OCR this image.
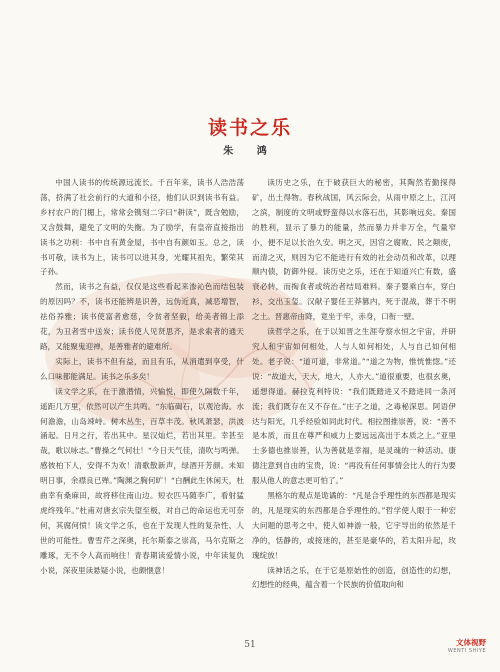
读书之乐
朱 鸿

中国人读书的传统源远流长。千百年来，读书人浩浩荡荡，挤满了社会前行的大道和小径，他们认识到读书有益。乡村农户的门楣上，常常会镌刻二字曰“耕读”，既含勉励，又含鼓舞，避免了文明的失衡。为了励学，有皇帝直接指出读书之功利：书中自有黄金屋，书中自有颜如玉。总之，读书可敬，读书为上，读书可以进其身，光耀其祖先，繁荣其子孙。

然而，读书之有益，仅仅是这些看起来渗沁色而结包装的原因吗？不，读书还能辨是识善，远伪近真，减恶增智，祛俗养雅；读书使富者愈慈，令贫者坚毅，给美者锦上添花，为丑者雪中送炭；读书使人见贤思齐，是求索者的通天路，又能聚鬼迎禅，是善雅者的避难所。

实际上，读书不但有益，而且有乐，从消遣到享受，什么口味都能满足。读书之乐多矣！

读文学之乐，在于激潜情，兴愉悦，即使久隔数千年，遥距几万里，依然可以产生共鸣。“东临碣石，以观沧海。水何澹澹，山岛竦峙。树木丛生，百草丰茂。秋风萧瑟，洪波涌起。日月之行，若出其中。星汉灿烂，若出其里。幸甚至哉，歌以咏志。”曹操之气何壮！“今日天气佳，清吹与鸣弹。感彼柏下人，安得不为欢！清歌散新声，绿酒开芳颜。未知明日事，余襟良已殚。”陶渊之胸何旷！“白酬此生休闲天，杜曲幸有桑麻田，故将移住南山边。短衣匹马随李广，看射猛虎终残年。”杜甫对唐玄宗失望至极，对自己的命运也无可奈何，其腐何愤！读文学之乐，也在于发现人性的复杂性、人世的可能性。曹雪芹之深奥，托尔斯泰之崇高，马尔克斯之雕琢，无不令人高而响往！青春期读爱情小说，中年读复仇小说，深夜里读悬疑小说，也颇惬意！

读历史之乐，在于破获巨大的秘密，其陶然若勤探得矿，出土得物。春秋战国，风云际会，从雨中原之上，江河之滨，制度的文明或野蛮得以水落石出，其影响远矣。秦国的胜利，显示了暴力的能量，然而暴力并非万全，气量窄小，便不足以长治久安。明之灭，因官之腐败、民之颠废，而清之灭，则因为它不能进行有效的社会动员和改革，以理顺内债，防御外侵。读历史之乐，还在于知道兴亡有数，盛衰必转，而掏食者或统治者结局难料。秦子婴乘白车，穿白衫，交出玉玺。汉献子婴任王莽篡内，死于混战，葬于不明之土。晋惠帝由降，竟坐于牢，赤身，口衔一壁。

读哲学之乐，在于以知晋之生涯夸察水恒之宇宙，并研究人和宇宙如何相处，人与人如何相处，人与自己如何相处。老子说：“道可道，非常道。”“道之为物，惟恍惟惚。”还说：“故道大，天大，地大，人亦大。”道很重要，也很玄奥，遥想得道。赫拉克利特说：“我们既踏进又不踏进同一条河流；我们既存在又不存在。”庄子之道，之毒秘深思。阿语伊达与阳光，几乎经验如同此时代。相拉图推崇善，说：“善不是本质，而且在尊严和威力上要远远高出于本质之上。”亚里士多德也推崇善，认为善就是幸福，是灵魂的一种活动。康德注意到自由的宝贵，说：“再没有任何事情会比人的行为要服从他人的意志更可怕了。”

黑格尔的观点是诡谲的：“凡是合乎理性的东西都是现实的，凡是现实的东西都是合乎理性的。”哲学使人眼于一种宏大问题的思考之中，使人如神游一般，它宇导出的依然是千净的，恬静的，或接迷的，甚至是豪华的，若太阳升起，玫瑰绽放！

读神话之乐，在于它是原始性的创造，创造性的幻想，幻想性的经典，蕴含着一个民族的价值取向和

51	文体视野
WENTI SHIYE
